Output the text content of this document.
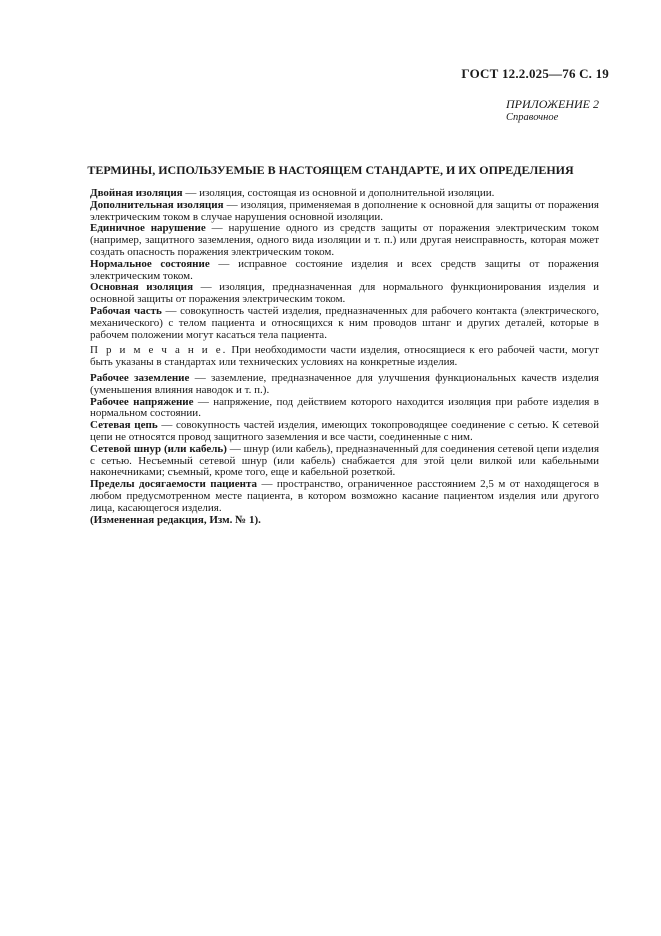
ГОСТ 12.2.025—76 С. 19
ПРИЛОЖЕНИЕ 2
Справочное
ТЕРМИНЫ, ИСПОЛЬЗУЕМЫЕ В НАСТОЯЩЕМ СТАНДАРТЕ, И ИХ ОПРЕДЕЛЕНИЯ

Двойная изоляция — изоляция, состоящая из основной и дополнительной изоляции.

Дополнительная изоляция — изоляция, применяемая в дополнение к основной для защиты от поражения электрическим током в случае нарушения основной изоляции.

Единичное нарушение — нарушение одного из средств защиты от поражения электрическим током (например, защитного заземления, одного вида изоляции и т. п.) или другая неисправность, которая может создать опасность поражения электрическим током.

Нормальное состояние — исправное состояние изделия и всех средств защиты от поражения электрическим током.

Основная изоляция — изоляция, предназначенная для нормального функционирования изделия и основной защиты от поражения электрическим током.

Рабочая часть — совокупность частей изделия, предназначенных для рабочего контакта (электрического, механического) с телом пациента и относящихся к ним проводов штанг и других деталей, которые в рабочем положении могут касаться тела пациента.

П р и м е ч а н и е. При необходимости части изделия, относящиеся к его рабочей части, могут быть указаны в стандартах или технических условиях на конкретные изделия.

Рабочее заземление — заземление, предназначенное для улучшения функциональных качеств изделия (уменьшения влияния наводок и т. п.).

Рабочее напряжение — напряжение, под действием которого находится изоляция при работе изделия в нормальном состоянии.

Сетевая цепь — совокупность частей изделия, имеющих токопроводящее соединение с сетью. К сетевой цепи не относятся провод защитного заземления и все части, соединенные с ним.

Сетевой шнур (или кабель) — шнур (или кабель), предназначенный для соединения сетевой цепи изделия с сетью. Несъемный сетевой шнур (или кабель) снабжается для этой цели вилкой или кабельными наконечниками; съемный, кроме того, еще и кабельной розеткой.

Пределы досягаемости пациента — пространство, ограниченное расстоянием 2,5 м от находящегося в любом предусмотренном месте пациента, в котором возможно касание пациентом изделия или другого лица, касающегося изделия.

(Измененная редакция, Изм. № 1).
